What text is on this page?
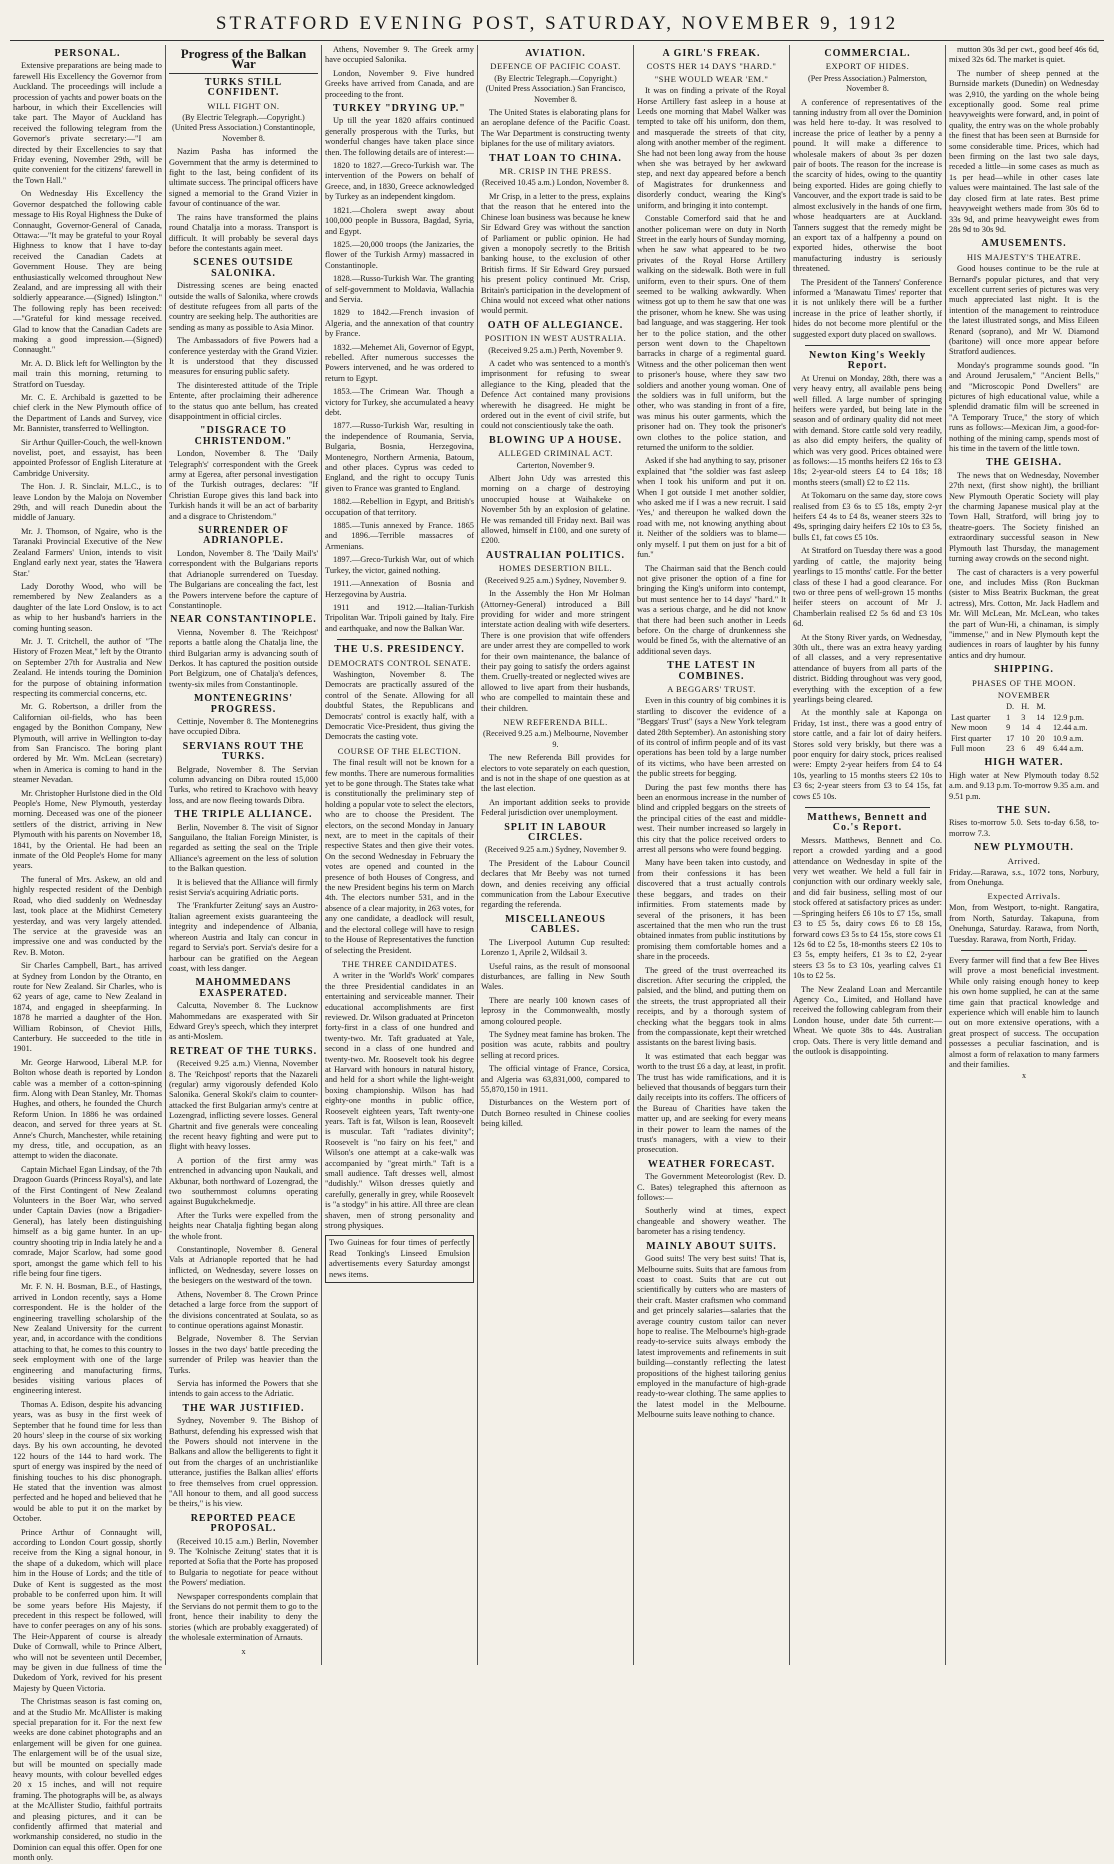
STRATFORD EVENING POST, SATURDAY, NOVEMBER 9, 1912
PERSONAL.

Extensive preparations are being made to farewell His Excellency the Governor from Auckland. The proceedings will include a procession of yachts and power boats on the harbour, in which their Excellencies will take part. The Mayor of Auckland has received the following telegram from the Governor's private secretary:—"I am directed by their Excellencies to say that Friday evening, November 29th, will be quite convenient for the citizens' farewell in the Town Hall."

On Wednesday His Excellency the Governor despatched the following cable message to His Royal Highness the Duke of Connaught, Governor-General of Canada, Ottawa:—"It may be grateful to your Royal Highness to know that I have to-day received the Canadian Cadets at Government House. They are being enthusiastically welcomed throughout New Zealand, and are impressing all with their soldierly appearance.—(Signed) Islington." The following reply has been received:—"Grateful for kind message received. Glad to know that the Canadian Cadets are making a good impression.—(Signed) Connaught."

Mr. A. D. Blick left for Wellington by the mail train this morning, returning to Stratford on Tuesday.

Mr. C. E. Archibald is gazetted to be chief clerk in the New Plymouth office of the Department of Lands and Survey, vice Mr. Bannister, transferred to Wellington.

Sir Arthur Quiller-Couch, the well-known novelist, poet, and essayist, has been appointed Professor of English Literature at Cambridge University.

The Hon. J. R. Sinclair, M.L.C., is to leave London by the Maloja on November 29th, and will reach Dunedin about the middle of January.

Mr. J. Thomson, of Ngaire, who is the Taranaki Provincial Executive of the New Zealand Farmers' Union, intends to visit England early next year, states the 'Hawera Star.'

Lady Dorothy Wood, who will be remembered by New Zealanders as a daughter of the late Lord Onslow, is to act as whip to her husband's harriers in the coming hunting season.

Mr. J. T. Critchell, the author of "The History of Frozen Meat," left by the Otranto on September 27th for Australia and New Zealand. He intends touring the Dominion for the purpose of obtaining information respecting its commercial concerns, etc.

Mr. G. Robertson, a driller from the Californian oil-fields, who has been engaged by the Bonithon Company, New Plymouth, will arrive in Wellington to-day from San Francisco. The boring plant ordered by Mr. Wm. McLean (secretary) when in America is coming to hand in the steamer Nevadan.

Mr. Christopher Hurlstone died in the Old People's Home, New Plymouth, yesterday morning. Deceased was one of the pioneer settlers of the district, arriving in New Plymouth with his parents on November 18, 1841, by the Oriental. He had been an inmate of the Old People's Home for many years.

The funeral of Mrs. Askew, an old and highly respected resident of the Denbigh Road, who died suddenly on Wednesday last, took place at the Midhirst Cemetery yesterday, and was very largely attended. The service at the graveside was an impressive one and was conducted by the Rev. B. Moton.

Sir Charles Campbell, Bart., has arrived at Sydney from London by the Otranto, en route for New Zealand. Sir Charles, who is 62 years of age, came to New Zealand in 1874, and engaged in sheepfarming. In 1878 he married a daughter of the Hon. William Robinson, of Cheviot Hills, Canterbury. He succeeded to the title in 1901.

Mr. George Harwood, Liberal M.P. for Bolton whose death is reported by London cable was a member of a cotton-spinning firm. Along with Dean Stanley, Mr. Thomas Hughes, and others, he founded the Church Reform Union. In 1886 he was ordained deacon, and served for three years at St. Anne's Church, Manchester, while retaining my dress, title, and occupation, as an attempt to widen the diaconate.

Captain Michael Egan Lindsay, of the 7th Dragoon Guards (Princess Royal's), and late of the First Contingent of New Zealand Volunteers in the Boer War, who served under Captain Davies (now a Brigadier-General), has lately been distinguishing himself as a big game hunter. In an up-country shooting trip in India lately he and a comrade, Major Scarlow, had some good sport, amongst the game which fell to his rifle being four fine tigers.

Mr. F. N. H. Bosman, B.E., of Hastings, arrived in London recently, says a Home correspondent. He is the holder of the engineering travelling scholarship of the New Zealand University for the current year, and, in accordance with the conditions attaching to that, he comes to this country to seek employment with one of the large engineering and manufacturing firms, besides visiting various places of engineering interest.

Thomas A. Edison, despite his advancing years, was as busy in the first week of September that he found time for less than 20 hours' sleep in the course of six working days. By his own accounting, he devoted 122 hours of the 144 to hard work. The spurt of energy was inspired by the need of finishing touches to his disc phonograph. He stated that the invention was almost perfected and he hoped and believed that he would be able to put it on the market by October.

Prince Arthur of Connaught will, according to London Court gossip, shortly receive from the King a signal honour, in the shape of a dukedom, which will place him in the House of Lords; and the title of Duke of Kent is suggested as the most probable to be conferred upon him. It will be some years before His Majesty, if precedent in this respect be followed, will have to confer peerages on any of his sons. The Heir-Apparent of course is already Duke of Cornwall, while to Prince Albert, who will not be seventeen until December, may be given in due fullness of time the Dukedom of York, revived for his present Majesty by Queen Victoria.

The Christmas season is fast coming on, and at the Studio Mr. McAllister is making special preparation for it. For the next few weeks are done cabinet photographs and an enlargement will be given for one guinea. The enlargement will be of the usual size, but will be mounted on specially made heavy mounts, with colour bevelled edges 20 x 15 inches, and will not require framing. The photographs will be, as always at the McAllister Studio, faithful portraits and pleasing pictures, and it can be confidently affirmed that material and workmanship considered, no studio in the Dominion can equal this offer. Open for one month only.

Progress of the Balkan War
TURKS STILL CONFIDENT.
WILL FIGHT ON.
(By Electric Telegraph.—Copyright.) (United Press Association.) Constantinople, November 8.

Nazim Pasha has informed the Government that the army is determined to fight to the last, being confident of its ultimate success. The principal officers have signed a memorial to the Grand Vizier in favour of continuance of the war.

The rains have transformed the plains round Chatalja into a morass. Transport is difficult. It will probably be several days before the contestants again meet.

SCENES OUTSIDE SALONIKA.

Distressing scenes are being enacted outside the walls of Salonika, where crowds of destitute refugees from all parts of the country are seeking help. The authorities are sending as many as possible to Asia Minor.

The Ambassadors of five Powers had a conference yesterday with the Grand Vizier. It is understood that they discussed measures for ensuring public safety.

The disinterested attitude of the Triple Entente, after proclaiming their adherence to the status quo ante bellum, has created disappointment in official circles.

"DISGRACE TO CHRISTENDOM."

London, November 8. The 'Daily Telegraph's' correspondent with the Greek army at Egerea, after personal investigation of the Turkish outrages, declares: "If Christian Europe gives this land back into Turkish hands it will be an act of barbarity and a disgrace to Christendom."

SURRENDER OF ADRIANOPLE.

London, November 8. The 'Daily Mail's' correspondent with the Bulgarians reports that Adrianople surrendered on Tuesday. The Bulgarians are concealing the fact, lest the Powers intervene before the capture of Constantinople.

NEAR CONSTANTINOPLE.

Vienna, November 8. The 'Reichpost' reports a battle along the Chatalja line, the third Bulgarian army is advancing south of Derkos. It has captured the position outside Port Belgizum, one of Chatalja's defences, twenty-six miles from Constantinople.

MONTENEGRINS' PROGRESS.

Cettinje, November 8. The Montenegrins have occupied Dibra.

SERVIANS ROUT THE TURKS.

Belgrade, November 8. The Servian column advancing on Dibra routed 15,000 Turks, who retired to Krachovo with heavy loss, and are now fleeing towards Dibra.

THE TRIPLE ALLIANCE.

Berlin, November 8. The visit of Signor Sanguilano, the Italian Foreign Minister, is regarded as setting the seal on the Triple Alliance's agreement on the less of solution to the Balkan question.

It is believed that the Alliance will firmly resist Servia's acquiring Adriatic ports.

The 'Frankfurter Zeitung' says an Austro-Italian agreement exists guaranteeing the integrity and independence of Albania, whereon Austria and Italy can concur in regard to Servia's port. Servia's desire for a harbour can be gratified on the Aegean coast, with less danger.

MAHOMMEDANS EXASPERATED.

Calcutta, November 8. The Lucknow Mahommedans are exasperated with Sir Edward Grey's speech, which they interpret as anti-Moslem.

RETREAT OF THE TURKS.

(Received 9.25 a.m.) Vienna, November 8. The 'Reichpost' reports that the Nazareli (regular) army vigorously defended Kolo Salonika. General Skoki's claim to counter-attacked the first Bulgarian army's centre at Lozengrad, inflicting severe losses. General Ghartnit and five generals were concealing the recent heavy fighting and were put to flight with heavy losses.

A portion of the first army was entrenched in advancing upon Naukali, and Akbunar, both northward of Lozengrad, the two southernmost columns operating against Bugukchekmedje.

After the Turks were expelled from the heights near Chatalja fighting began along the whole front.

Constantinople, November 8. General Vals at Adrianople reported that he had inflicted, on Wednesday, severe losses on the besiegers on the westward of the town.

Athens, November 8. The Crown Prince detached a large force from the support of the divisions concentrated at Soulata, so as to continue operations against Monastir.

Belgrade, November 8. The Servian losses in the two days' battle preceding the surrender of Prilep was heavier than the Turks.

Servia has informed the Powers that she intends to gain access to the Adriatic.

THE WAR JUSTIFIED.

Sydney, November 9. The Bishop of Bathurst, defending his expressed wish that the Powers should not intervene in the Balkans and allow the belligerents to fight it out from the charges of an unchristianlike utterance, justifies the Balkan allies' efforts to free themselves from cruel oppression. "All honour to them, and all good success be theirs," is his view.

REPORTED PEACE PROPOSAL.

(Received 10.15 a.m.) Berlin, November 9. The 'Kolnische Zeitung' states that it is reported at Sofia that the Porte has proposed to Bulgaria to negotiate for peace without the Powers' mediation.

Newspaper correspondents complain that the Servians do not permit them to go to the front, hence their inability to deny the stories (which are probably exaggerated) of the wholesale extermination of Arnauts.

x

Athens, November 9. The Greek army have occupied Salonika.

London, November 9. Five hundred Greeks have arrived from Canada, and are proceeding to the front.

TURKEY "DRYING UP."

Up till the year 1820 affairs continued generally prosperous with the Turks, but wonderful changes have taken place since then. The following details are of interest:—

1820 to 1827.—Greco-Turkish war. The intervention of the Powers on behalf of Greece, and, in 1830, Greece acknowledged by Turkey as an independent kingdom.

1821.—Cholera swept away about 100,000 people in Bussora, Bagdad, Syria, and Egypt.

1825.—20,000 troops (the Janizaries, the flower of the Turkish Army) massacred in Constantinople.

1828.—Russo-Turkish War. The granting of self-government to Moldavia, Wallachia and Servia.

1829 to 1842.—French invasion of Algeria, and the annexation of that country by France.

1832.—Mehemet Ali, Governor of Egypt, rebelled. After numerous successes the Powers intervened, and he was ordered to return to Egypt.

1853.—The Crimean War. Though a victory for Turkey, she accumulated a heavy debt.

1877.—Russo-Turkish War, resulting in the independence of Roumania, Servia, Bulgaria, Bosnia, Herzegovina, Montenegro, Northern Armenia, Batoum, and other places. Cyprus was ceded to England, and the right to occupy Tunis given to France was granted to England.

1882.—Rebellion in Egypt, and British's occupation of that territory.

1885.—Tunis annexed by France. 1865 and 1896.—Terrible massacres of Armenians.

1897.—Greco-Turkish War, out of which Turkey, the victor, gained nothing.

1911.—Annexation of Bosnia and Herzegovina by Austria.

1911 and 1912.—Italian-Turkish Tripolitan War. Tripoli gained by Italy. Fire and earthquake, and now the Balkan War.

THE U.S. PRESIDENCY.
DEMOCRATS CONTROL SENATE.

Washington, November 8. The Democrats are practically assured of the control of the Senate. Allowing for all doubtful States, the Republicans and Democrats' control is exactly half, with a Democratic Vice-President, thus giving the Democrats the casting vote.

COURSE OF THE ELECTION.

The final result will not be known for a few months. There are numerous formalities yet to be gone through. The States take what is constitutionally the preliminary step of holding a popular vote to select the electors, who are to choose the President. The electors, on the second Monday in January next, are to meet in the capitals of their respective States and then give their votes. On the second Wednesday in February the votes are opened and counted in the presence of both Houses of Congress, and the new President begins his term on March 4th. The electors number 531, and in the absence of a clear majority, in 263 votes, for any one candidate, a deadlock will result, and the electoral college will have to resign to the House of Representatives the function of selecting the President.

THE THREE CANDIDATES.

A writer in the 'World's Work' compares the three Presidential candidates in an entertaining and serviceable manner. Their educational accomplishments are first reviewed. Dr. Wilson graduated at Princeton forty-first in a class of one hundred and twenty-two. Mr. Taft graduated at Yale, second in a class of one hundred and twenty-two. Mr. Roosevelt took his degree at Harvard with honours in natural history, and held for a short while the light-weight boxing championship. Wilson has had eighty-one months in public office, Roosevelt eighteen years, Taft twenty-one years. Taft is fat, Wilson is lean, Roosevelt is muscular. Taft "radiates divinity"; Roosevelt is "no fairy on his feet," and Wilson's one attempt at a cake-walk was accompanied by "great mirth." Taft is a small audience. Taft dresses well, almost "dudishly." Wilson dresses quietly and carefully, generally in grey, while Roosevelt is "a stodgy" in his attire. All three are clean shaven, men of strong personality and strong physiques.

Two Guineas for four times of perfectly Read Tonking's Linseed Emulsion advertisements every Saturday amongst news items.
AVIATION.
DEFENCE OF PACIFIC COAST.
(By Electric Telegraph.—Copyright.) (United Press Association.) San Francisco, November 8.

The United States is elaborating plans for an aeroplane defence of the Pacific Coast. The War Department is constructing twenty biplanes for the use of military aviators.

THAT LOAN TO CHINA.
MR. CRISP IN THE PRESS.
(Received 10.45 a.m.) London, November 8.

Mr Crisp, in a letter to the press, explains that the reason that he entered into the Chinese loan business was because he knew Sir Edward Grey was without the sanction of Parliament or public opinion. He had given a monopoly secretly to the British banking house, to the exclusion of other British firms. If Sir Edward Grey pursued his present policy continued Mr. Crisp, Britain's participation in the development of China would not exceed what other nations would permit.

OATH OF ALLEGIANCE.
POSITION IN WEST AUSTRALIA.
(Received 9.25 a.m.) Perth, November 9.

A cadet who was sentenced to a month's imprisonment for refusing to swear allegiance to the King, pleaded that the Defence Act contained many provisions wherewith he disagreed. He might be ordered out in the event of civil strife, but could not conscientiously take the oath.

BLOWING UP A HOUSE.
ALLEGED CRIMINAL ACT.
Carterton, November 9.

Albert John Udy was arrested this morning on a charge of destroying unoccupied house at Waihakeke on November 5th by an explosion of gelatine. He was remanded till Friday next. Bail was allowed, himself in £100, and one surety of £200.

AUSTRALIAN POLITICS.
HOMES DESERTION BILL.
(Received 9.25 a.m.) Sydney, November 9.

In the Assembly the Hon Mr Holman (Attorney-General) introduced a Bill providing for wider and more stringent interstate action dealing with wife deserters. There is one provision that wife offenders are under arrest they are compelled to work for their own maintenance, the balance of their pay going to satisfy the orders against them. Cruelly-treated or neglected wives are allowed to live apart from their husbands, who are compelled to maintain these and their children.

NEW REFERENDA BILL.
(Received 9.25 a.m.) Melbourne, November 9.

The new Referenda Bill provides for electors to vote separately on each question, and is not in the shape of one question as at the last election.

An important addition seeks to provide Federal jurisdiction over unemployment.

SPLIT IN LABOUR CIRCLES.
(Received 9.25 a.m.) Sydney, November 9.

The President of the Labour Council declares that Mr Beeby was not turned down, and denies receiving any official communication from the Labour Executive regarding the referenda.

MISCELLANEOUS CABLES.

The Liverpool Autumn Cup resulted: Lorenzo 1, Aprile 2, Wildsail 3.

Useful rains, as the result of monsoonal disturbances, are falling in New South Wales.

There are nearly 100 known cases of leprosy in the Commonwealth, mostly among coloured people.

The Sydney meat famine has broken. The position was acute, rabbits and poultry selling at record prices.

The official vintage of France, Corsica, and Algeria was 63,831,000, compared to 55,870,150 in 1911.

Disturbances on the Western port of Dutch Borneo resulted in Chinese coolies being killed.

A GIRL'S FREAK.
COSTS HER 14 DAYS "HARD."
"SHE WOULD WEAR 'EM."

It was on finding a private of the Royal Horse Artillery fast asleep in a house at Leeds one morning that Mabel Walker was tempted to take off his uniform, don them, and masquerade the streets of that city, along with another member of the regiment. She had not been long away from the house when she was betrayed by her awkward step, and next day appeared before a bench of Magistrates for drunkenness and disorderly conduct, wearing the King's uniform, and bringing it into contempt.

Constable Comerford said that he and another policeman were on duty in North Street in the early hours of Sunday morning, when he saw what appeared to be two privates of the Royal Horse Artillery walking on the sidewalk. Both were in full uniform, even to their spurs. One of them seemed to be walking awkwardly. When witness got up to them he saw that one was the prisoner, whom he knew. She was using bad language, and was staggering. Her took her to the police station, and the other person went down to the Chapeltown barracks in charge of a regimental guard. Witness and the other policeman then went to prisoner's house, where they saw two soldiers and another young woman. One of the soldiers was in full uniform, but the other, who was standing in front of a fire, was minus his outer garments, which the prisoner had on. They took the prisoner's own clothes to the police station, and returned the uniform to the soldier.

Asked if she had anything to say, prisoner explained that "the soldier was fast asleep when I took his uniform and put it on. When I got outside I met another soldier, who asked me if I was a new recruit. I said 'Yes,' and thereupon he walked down the road with me, not knowing anything about it. Neither of the soldiers was to blame—only myself. I put them on just for a bit of fun."

The Chairman said that the Bench could not give prisoner the option of a fine for bringing the King's uniform into contempt, but must sentence her to 14 days' "hard." It was a serious charge, and he did not know that there had been such another in Leeds before. On the charge of drunkenness she would be fined 5s, with the alternative of an additional seven days.

THE LATEST IN COMBINES.
A BEGGARS' TRUST.

Even in this country of big combines it is startling to discover the evidence of a "Beggars' Trust" (says a New York telegram dated 28th September). An astonishing story of its control of infirm people and of its vast operations has been told by a large number of its victims, who have been arrested on the public streets for begging.

During the past few months there has been an enormous increase in the number of blind and crippled beggars on the streets of the principal cities of the east and middle-west. Their number increased so largely in this city that the police received orders to arrest all persons who were found begging.

Many have been taken into custody, and from their confessions it has been discovered that a trust actually controls these beggars, and trades on their infirmities. From statements made by several of the prisoners, it has been ascertained that the men who run the trust obtained inmates from public institutions by promising them comfortable homes and a share in the proceeds.

The greed of the trust overreached its discretion. After securing the crippled, the palsied, and the blind, and putting them on the streets, the trust appropriated all their receipts, and by a thorough system of checking what the beggars took in alms from the compassionate, kept their wretched assistants on the barest living basis.

It was estimated that each beggar was worth to the trust £6 a day, at least, in profit. The trust has wide ramifications, and it is believed that thousands of beggars turn their daily receipts into its coffers. The officers of the Bureau of Charities have taken the matter up, and are seeking for every means in their power to learn the names of the trust's managers, with a view to their prosecution.

WEATHER FORECAST.

The Government Meteorologist (Rev. D. C. Bates) telegraphed this afternoon as follows:—

Southerly wind at times, expect changeable and showery weather. The barometer has a rising tendency.

MAINLY ABOUT SUITS.

Good suits! The very best suits! That is, Melbourne suits. Suits that are famous from coast to coast. Suits that are cut out scientifically by cutters who are masters of their craft. Master craftsmen who command and get princely salaries—salaries that the average country custom tailor can never hope to realise. The Melbourne's high-grade ready-to-service suits always embody the latest improvements and refinements in suit building—constantly reflecting the latest propositions of the highest tailoring genius employed in the manufacture of high-grade ready-to-wear clothing. The same applies to the latest model in the Melbourne. Melbourne suits leave nothing to chance.

COMMERCIAL.
EXPORT OF HIDES.
(Per Press Association.) Palmerston, November 8.

A conference of representatives of the tanning industry from all over the Dominion was held here to-day. It was resolved to increase the price of leather by a penny a pound. It will make a difference to wholesale makers of about 3s per dozen pair of boots. The reason for the increase is the scarcity of hides, owing to the quantity being exported. Hides are going chiefly to Vancouver, and the export trade is said to be almost exclusively in the hands of one firm, whose headquarters are at Auckland. Tanners suggest that the remedy might be an export tax of a halfpenny a pound on exported hides, otherwise the boot manufacturing industry is seriously threatened.

The President of the Tanners' Conference informed a 'Manawatu Times' reporter that it is not unlikely there will be a further increase in the price of leather shortly, if hides do not become more plentiful or the suggested export duty placed on swallows.

Newton King's Weekly Report.

At Urenui on Monday, 28th, there was a very heavy entry, all available pens being well filled. A large number of springing heifers were yarded, but being late in the season and of ordinary quality did not meet with demand. Store cattle sold very readily, as also did empty heifers, the quality of which was very good. Prices obtained were as follows:—15 months heifers £2 16s to £3 18s; 2-year-old steers £4 to £4 18s; 18 months steers (small) £2 to £2 11s.

At Tokomaru on the same day, store cows realised from £3 6s to £5 18s, empty 2-yr heifers £4 4s to £4 8s, weaner steers 32s to 49s, springing dairy heifers £2 10s to £3 5s, bulls £1, fat cows £5 10s.

At Stratford on Tuesday there was a good yarding of cattle, the majority being yearlings to 15 months' cattle. For the better class of these I had a good clearance. For two or three pens of well-grown 15 months heifer steers on account of Mr J. Chamberlain realised £2 5s 6d and £3 10s 6d.

At the Stony River yards, on Wednesday, 30th ult., there was an extra heavy yarding of all classes, and a very representative attendance of buyers from all parts of the district. Bidding throughout was very good, everything with the exception of a few yearlings being cleared.

At the monthly sale at Kaponga on Friday, 1st inst., there was a good entry of store cattle, and a fair lot of dairy heifers. Stores sold very briskly, but there was a poor enquiry for dairy stock, prices realised were: Empty 2-year heifers from £4 to £4 10s, yearling to 15 months steers £2 10s to £3 6s; 2-year steers from £3 to £4 15s, fat cows £5 10s.

Matthews, Bennett and Co.'s Report.

Messrs. Matthews, Bennett and Co. report a crowded yarding and a good attendance on Wednesday in spite of the very wet weather. We held a full fair in conjunction with our ordinary weekly sale, and did fair business, selling most of our stock offered at satisfactory prices as under:—Springing heifers £6 10s to £7 15s, small £3 to £5 5s, dairy cows £6 to £8 15s, forward cows £3 5s to £4 15s, store cows £1 12s 6d to £2 5s, 18-months steers £2 10s to £3 5s, empty heifers, £1 3s to £2, 2-year steers £3 5s to £3 10s, yearling calves £1 10s to £2 5s.

The New Zealand Loan and Mercantile Agency Co., Limited, and Holland have received the following cablegram from their London house, under date 5th current:—Wheat. We quote 38s to 44s. Australian crop. Oats. There is very little demand and the outlook is disappointing.

mutton 30s 3d per cwt., good beef 46s 6d, mixed 32s 6d. The market is quiet.

The number of sheep penned at the Burnside markets (Dunedin) on Wednesday was 2,910, the yarding on the whole being exceptionally good. Some real prime heavyweights were forward, and, in point of quality, the entry was on the whole probably the finest that has been seen at Burnside for some considerable time. Prices, which had been firming on the last two sale days, receded a little—in some cases as much as 1s per head—while in other cases late values were maintained. The last sale of the day closed firm at late rates. Best prime heavyweight wethers made from 30s 6d to 33s 9d, and prime heavyweight ewes from 28s 9d to 30s 9d.

AMUSEMENTS.
HIS MAJESTY'S THEATRE.

Good houses continue to be the rule at Bernard's popular pictures, and that very excellent current series of pictures was very much appreciated last night. It is the intention of the management to reintroduce the latest illustrated songs, and Miss Eileen Renard (soprano), and Mr W. Diamond (baritone) will once more appear before Stratford audiences.

Monday's programme sounds good. "In and Around Jerusalem," "Ancient Bells," and "Microscopic Pond Dwellers" are pictures of high educational value, while a splendid dramatic film will be screened in "A Temporary Truce," the story of which runs as follows:—Mexican Jim, a good-for-nothing of the mining camp, spends most of his time in the tavern of the little town.

THE GEISHA.

The news that on Wednesday, November 27th next, (first show night), the brilliant New Plymouth Operatic Society will play the charming Japanese musical play at the Town Hall, Stratford, will bring joy to theatre-goers. The Society finished an extraordinary successful season in New Plymouth last Thursday, the management turning away crowds on the second night.

The cast of characters is a very powerful one, and includes Miss (Ron Buckman (sister to Miss Beatrix Buckman, the great actress), Mrs. Cotton, Mr. Jack Hadlem and Mr. Will McLean, Mr. McLean, who takes the part of Wun-Hi, a chinaman, is simply "immense," and in New Plymouth kept the audiences in roars of laughter by his funny antics and dry humour.

SHIPPING.
PHASES OF THE MOON.
NOVEMBER
	D.	H.	M.	
Last quarter	1	3	14	12.9 p.m.
New moon	9	14	4	12.44 a.m.
First quarter	17	10	20	10.9 a.m.
Full moon	23	6	49	6.44 a.m.
HIGH WATER.
High water at New Plymouth today 8.52 a.m. and 9.13 p.m. To-morrow 9.35 a.m. and 9.51 p.m.
THE SUN.
Rises to-morrow 5.0. Sets to-day 6.58, to-morrow 7.3.
NEW PLYMOUTH.
Arrived.
Friday.—Rarawa, s.s., 1072 tons, Norbury, from Onehunga.
Expected Arrivals.
Mon, from Westport, to-night. Rangatira, from North, Saturday. Takapuna, from Onehunga, Saturday. Rarawa, from North, Tuesday. Rarawa, from North, Friday.
Every farmer will find that a few Bee Hives will prove a most beneficial investment. While only raising enough honey to keep his own home supplied, he can at the same time gain that practical knowledge and experience which will enable him to launch out on more extensive operations, with a great prospect of success. The occupation possesses a peculiar fascination, and is almost a form of relaxation to many farmers and their families.
x
